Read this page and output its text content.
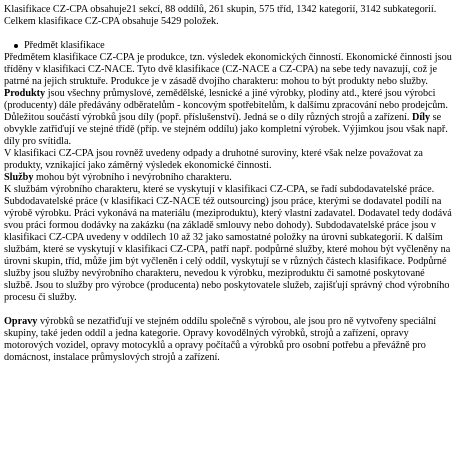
Klasifikace CZ-CPA obsahuje21 sekcí, 88 oddílů, 261 skupin, 575 tříd, 1342 kategorií, 3142 subkategorií.

Celkem klasifikace CZ-CPA obsahuje 5429 položek.

Předmět klasifikace

Předmětem klasifikace CZ-CPA je produkce, tzn. výsledek ekonomických činností. Ekonomické činnosti jsou tříděny v klasifikaci CZ-NACE. Tyto dvě klasifikace (CZ-NACE a CZ-CPA) na sebe tedy navazují, což je patrné na jejich struktuře. Produkce je v zásadě dvojího charakteru: mohou to být produkty nebo služby. Produkty jsou všechny průmyslové, zemědělské, lesnické a jiné výrobky, plodiny atd., které jsou výrobci (producenty) dále předávány odběratelům - koncovým spotřebitelům, k dalšímu zpracování nebo prodejcům. Důležitou součástí výrobků jsou díly (popř. příslušenství). Jedná se o díly různých strojů a zařízení. Díly se obvykle zatřiďují ve stejné třídě (příp. ve stejném oddílu) jako kompletní výrobek. Výjimkou jsou však např. díly pro svítidla.

V klasifikaci CZ-CPA jsou rovněž uvedeny odpady a druhotné suroviny, které však nelze považovat za produkty, vznikající jako záměrný výsledek ekonomické činnosti.

Služby mohou být výrobního i nevýrobního charakteru.

K službám výrobního charakteru, které se vyskytují v klasifikaci CZ-CPA, se řadí subdodavatelské práce.

Subdodavatelské práce (v klasifikaci CZ-NACE též outsourcing) jsou práce, kterými se dodavatel podílí na výrobě výrobku. Práci vykonává na materiálu (meziproduktu), který vlastní zadavatel. Dodavatel tedy dodává svou práci formou dodávky na zakázku (na základě smlouvy nebo dohody). Subdodavatelské práce jsou v klasifikaci CZ-CPA uvedeny v oddílech 10 až 32 jako samostatné položky na úrovni subkategorií. K dalším službám, které se vyskytují v klasifikaci CZ-CPA, patří např. podpůrné služby, které mohou být vyčleněny na úrovni skupin, tříd, může jim být vyčleněn i celý oddíl, vyskytují se v různých částech klasifikace. Podpůrné služby jsou služby nevýrobního charakteru, nevedou k výrobku, meziproduktu či samotné poskytované službě. Jsou to služby pro výrobce (producenta) nebo poskytovatele služeb, zajišťují správný chod výrobního procesu či služby.

Opravy výrobků se nezatřiďují ve stejném oddílu společně s výrobou, ale jsou pro ně vytvořeny speciální skupiny, také jeden oddíl a jedna kategorie. Opravy kovodělných výrobků, strojů a zařízení, opravy motorových vozidel, opravy motocyklů a opravy počítačů a výrobků pro osobní potřebu a převážně pro domácnost, instalace průmyslových strojů a zařízení.
